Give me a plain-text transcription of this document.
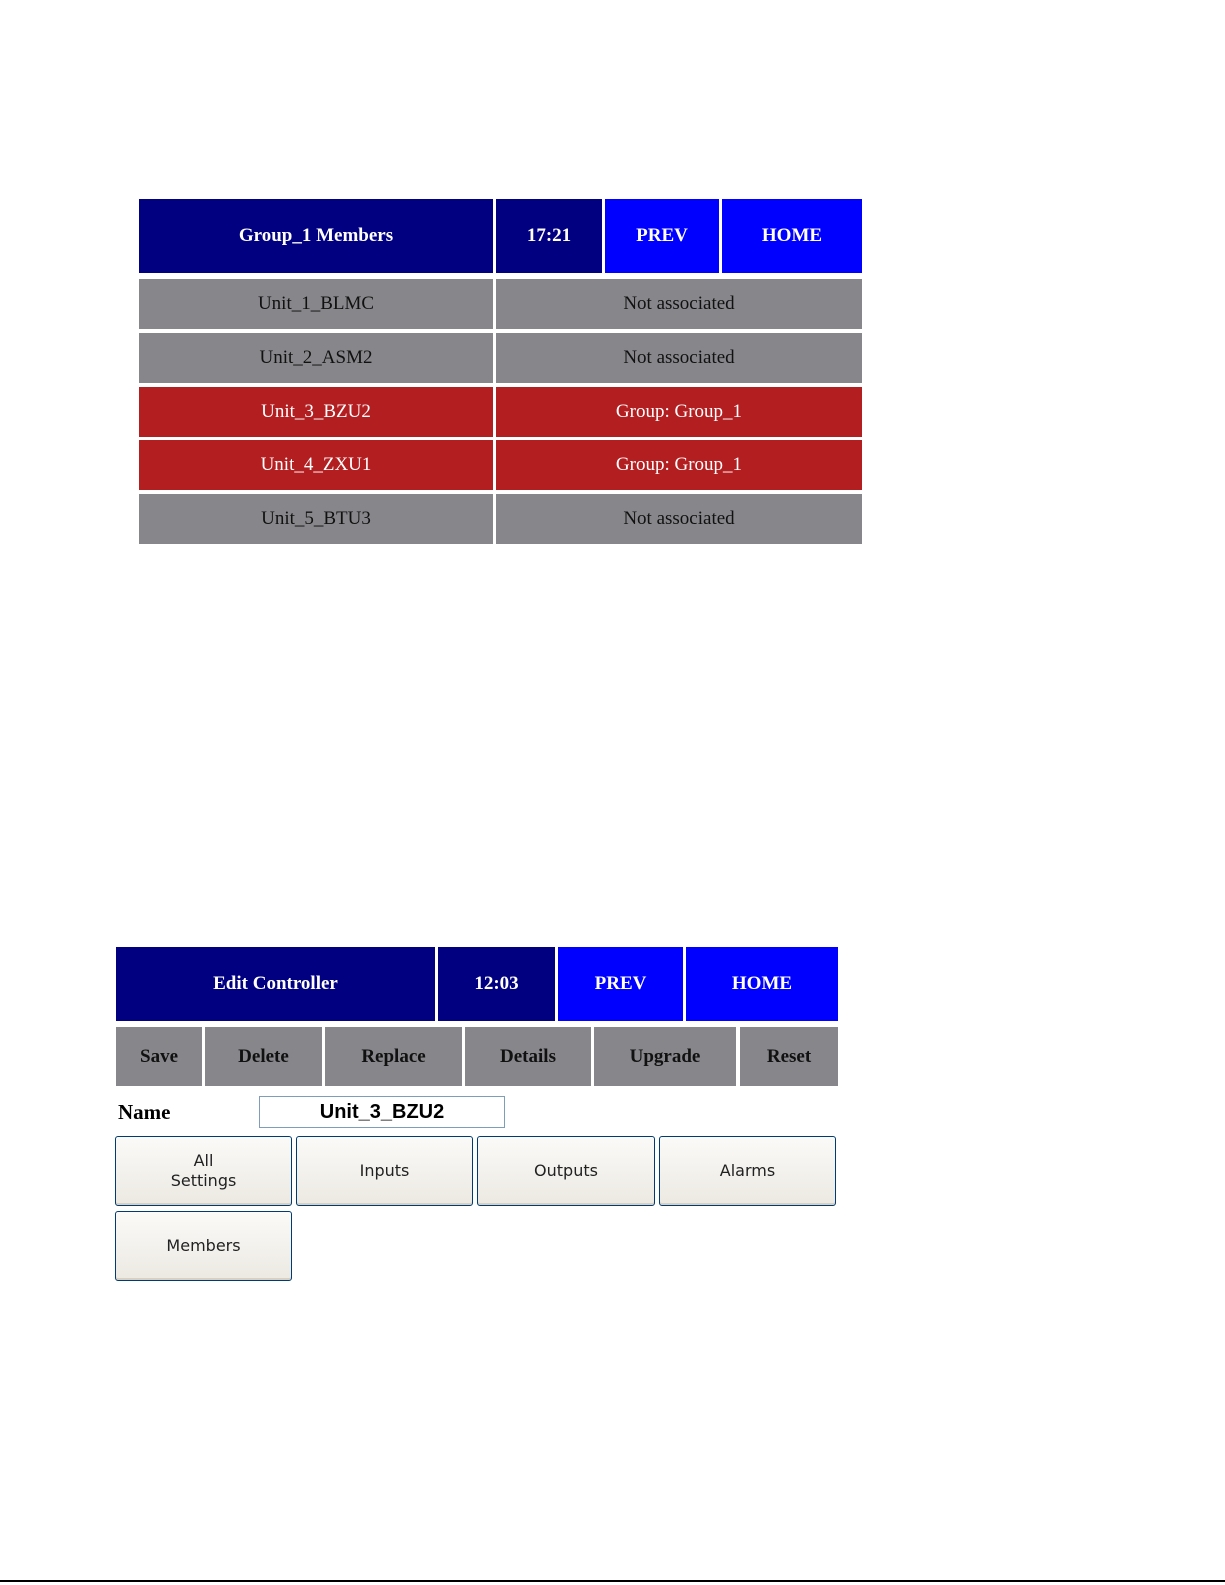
Group_1 Members	17:21	PREV	HOME
Unit_1_BLMC	Not associated
Unit_2_ASM2	Not associated
Unit_3_BZU2	Group: Group_1
Unit_4_ZXU1	Group: Group_1
Unit_5_BTU3	Not associated
Edit Controller	12:03	PREV	HOME
Save	Delete	Replace	Details	Upgrade	Reset
Name
Unit_3_BZU2
All
Settings
Inputs	Outputs	Alarms
Members
